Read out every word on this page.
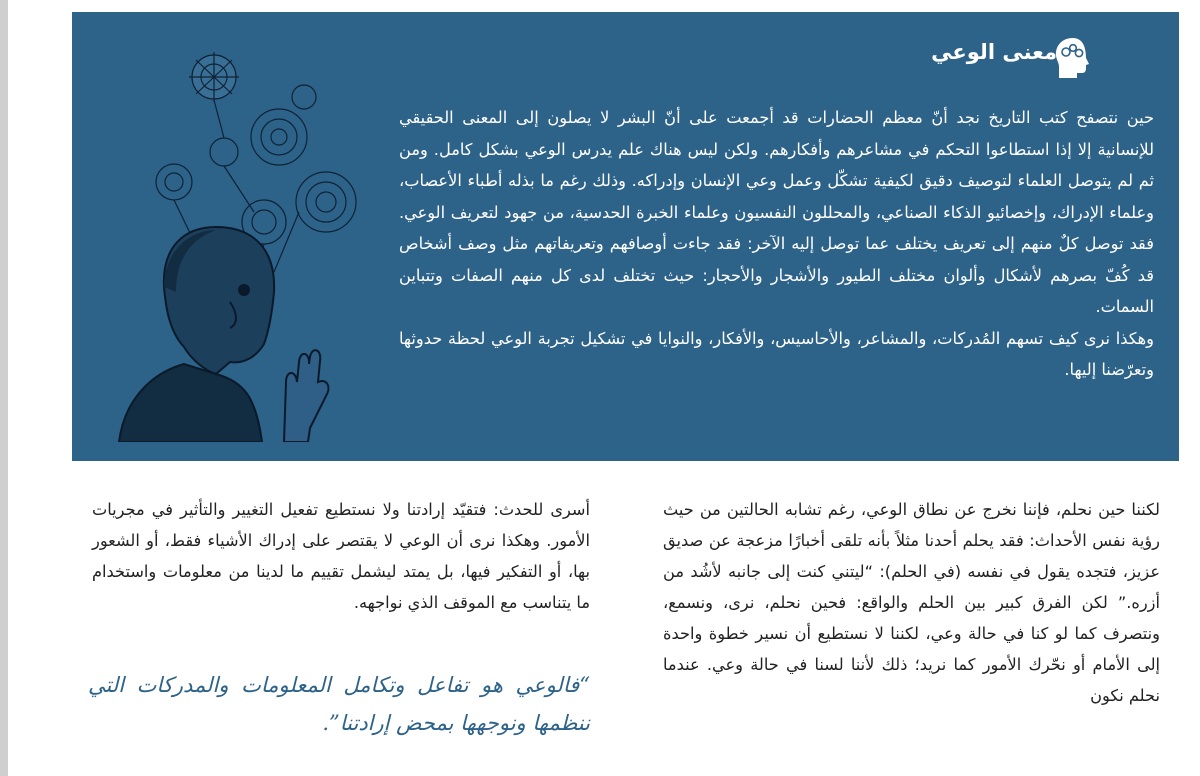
معنى الوعي

حين نتصفح كتب التاريخ نجد أنّ معظم الحضارات قد أجمعت على أنّ البشر لا يصلون إلى المعنى الحقيقي للإنسانية إلا إذا استطاعوا التحكم في مشاعرهم وأفكارهم. ولكن ليس هناك علم يدرس الوعي بشكل كامل. ومن ثم لم يتوصل العلماء لتوصيف دقيق لكيفية تشكّل وعمل وعي الإنسان وإدراكه. وذلك رغم ما بذله أطباء الأعصاب، وعلماء الإدراك، وإخصائيو الذكاء الصناعي، والمحللون النفسيون وعلماء الخبرة الحدسية، من جهود لتعريف الوعي. فقد توصل كلٌ منهم إلى تعريف يختلف عما توصل إليه الآخر: فقد جاءت أوصافهم وتعريفاتهم مثل وصف أشخاص قد كُفّ بصرهم لأشكال وألوان مختلف الطيور والأشجار والأحجار: حيث تختلف لدى كل منهم الصفات وتتباين السمات.

وهكذا نرى كيف تسهم المُدركات، والمشاعر، والأحاسيس، والأفكار، والنوايا في تشكيل تجربة الوعي لحظة حدوثها وتعرّضنا إليها.

لكننا حين نحلم، فإننا نخرج عن نطاق الوعي، رغم تشابه الحالتين من حيث رؤية نفس الأحداث: فقد يحلم أحدنا مثلاً بأنه تلقى أخبارًا مزعجة عن صديق عزيز، فتجده يقول في نفسه (في الحلم): “ليتني كنت إلى جانبه لأشُد من أزره.” لكن الفرق كبير بين الحلم والواقع: فحين نحلم، نرى، ونسمع، ونتصرف كما لو كنا في حالة وعي، لكننا لا نستطيع أن نسير خطوة واحدة إلى الأمام أو نحّرك الأمور كما نريد؛ ذلك لأننا لسنا في حالة وعي. عندما نحلم نكون

أسرى للحدث: فتقيّد إرادتنا ولا نستطيع تفعيل التغيير والتأثير في مجريات الأمور. وهكذا نرى أن الوعي لا يقتصر على إدراك الأشياء فقط، أو الشعور بها، أو التفكير فيها، بل يمتد ليشمل تقييم ما لدينا من معلومات واستخدام ما يتناسب مع الموقف الذي نواجهه.

“فالوعي هو تفاعل وتكامل المعلومات والمدركات التي ننظمها ونوجهها بمحض إرادتنا”.
